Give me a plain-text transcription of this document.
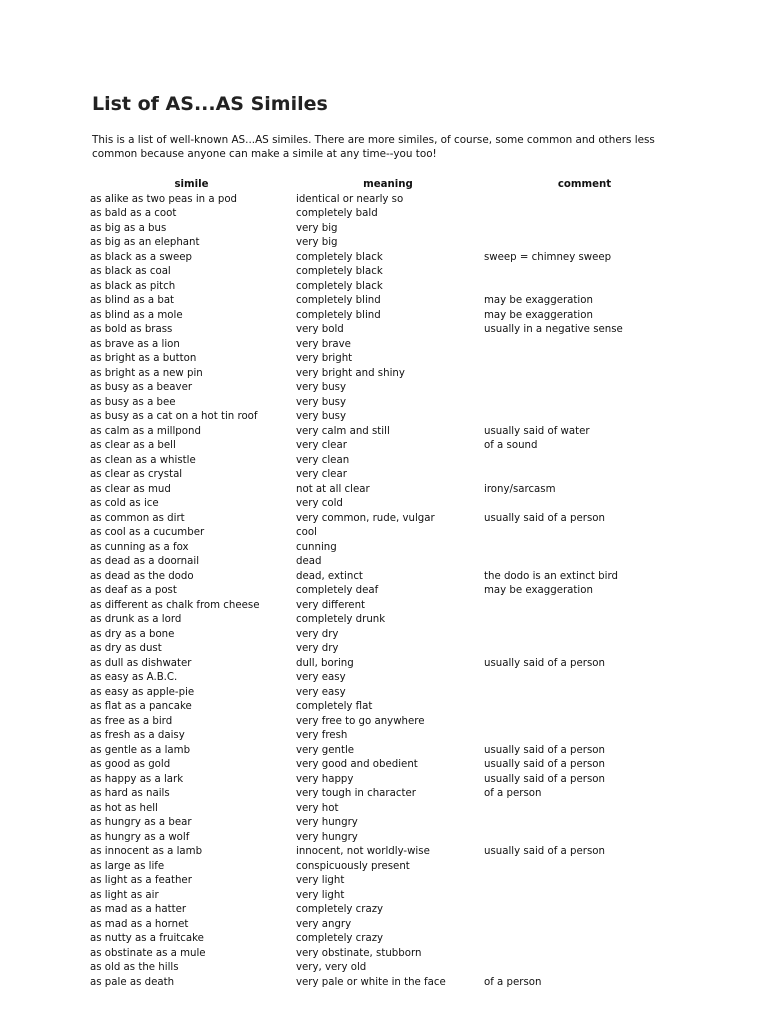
List of AS...AS Similes

This is a list of well-known AS...AS similes. There are more similes, of course, some common and others less common because anyone can make a simile at any time--you too!

simile	meaning	comment
as alike as two peas in a pod	identical or nearly so	
as bald as a coot	completely bald	
as big as a bus	very big	
as big as an elephant	very big	
as black as a sweep	completely black	sweep = chimney sweep
as black as coal	completely black	
as black as pitch	completely black	
as blind as a bat	completely blind	may be exaggeration
as blind as a mole	completely blind	may be exaggeration
as bold as brass	very bold	usually in a negative sense
as brave as a lion	very brave	
as bright as a button	very bright	
as bright as a new pin	very bright and shiny	
as busy as a beaver	very busy	
as busy as a bee	very busy	
as busy as a cat on a hot tin roof	very busy	
as calm as a millpond	very calm and still	usually said of water
as clear as a bell	very clear	of a sound
as clean as a whistle	very clean	
as clear as crystal	very clear	
as clear as mud	not at all clear	irony/sarcasm
as cold as ice	very cold	
as common as dirt	very common, rude, vulgar	usually said of a person
as cool as a cucumber	cool	
as cunning as a fox	cunning	
as dead as a doornail	dead	
as dead as the dodo	dead, extinct	the dodo is an extinct bird
as deaf as a post	completely deaf	may be exaggeration
as different as chalk from cheese	very different	
as drunk as a lord	completely drunk	
as dry as a bone	very dry	
as dry as dust	very dry	
as dull as dishwater	dull, boring	usually said of a person
as easy as A.B.C.	very easy	
as easy as apple-pie	very easy	
as flat as a pancake	completely flat	
as free as a bird	very free to go anywhere	
as fresh as a daisy	very fresh	
as gentle as a lamb	very gentle	usually said of a person
as good as gold	very good and obedient	usually said of a person
as happy as a lark	very happy	usually said of a person
as hard as nails	very tough in character	of a person
as hot as hell	very hot	
as hungry as a bear	very hungry	
as hungry as a wolf	very hungry	
as innocent as a lamb	innocent, not worldly-wise	usually said of a person
as large as life	conspicuously present	
as light as a feather	very light	
as light as air	very light	
as mad as a hatter	completely crazy	
as mad as a hornet	very angry	
as nutty as a fruitcake	completely crazy	
as obstinate as a mule	very obstinate, stubborn	
as old as the hills	very, very old	
as pale as death	very pale or white in the face	of a person
